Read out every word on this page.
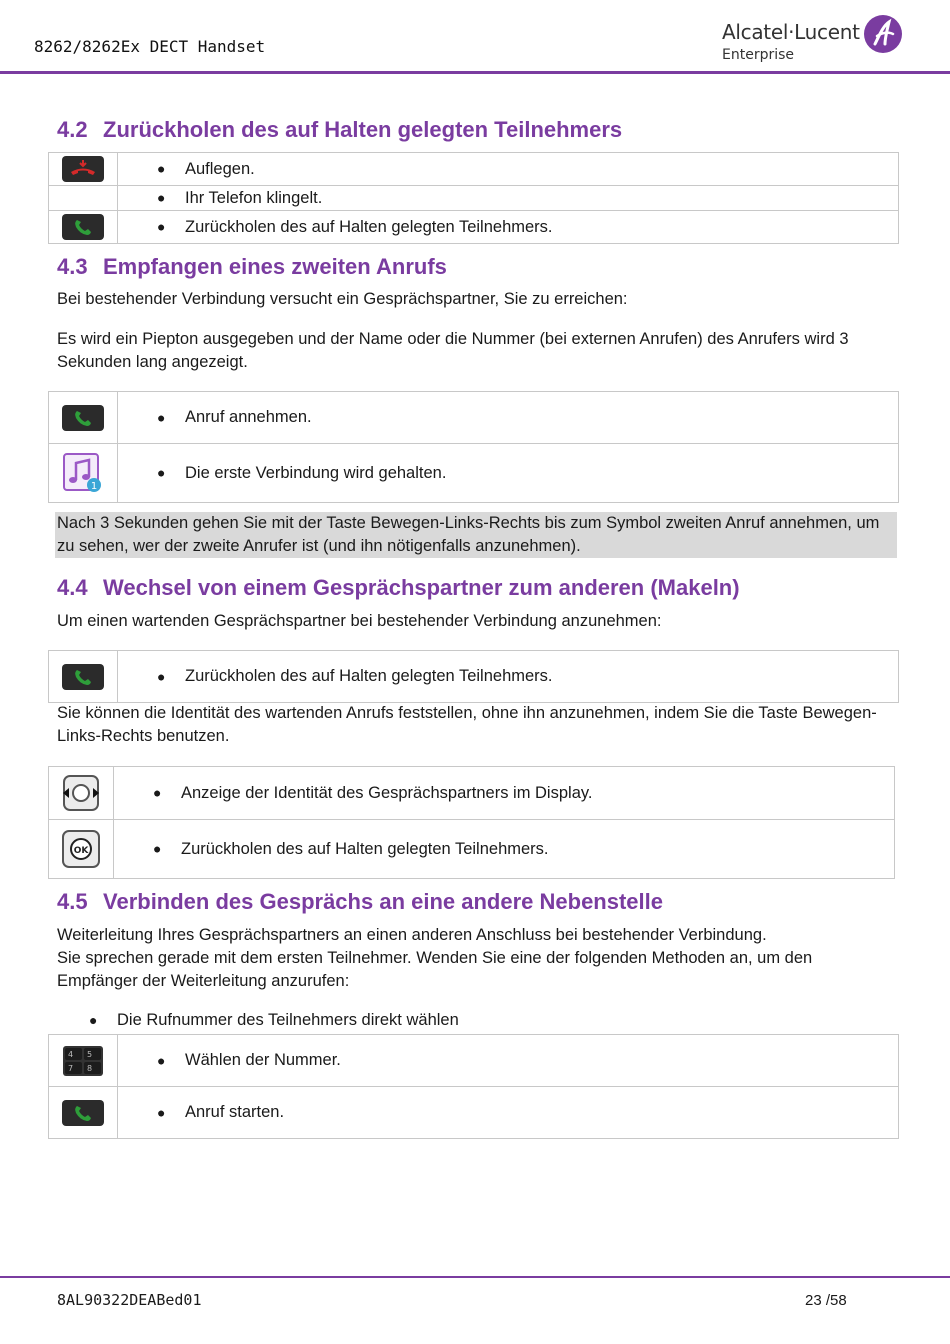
8262/8262Ex DECT Handset
Alcatel·Lucent
Enterprise
4.2 Zurückholen des auf Halten gelegten Teilnehmers

● Auflegen.

	● Ihr Telefon klingelt.

● Zurückholen des auf Halten gelegten Teilnehmers.
4.3 Empfangen eines zweiten Anrufs
Bei bestehender Verbindung versucht ein Gesprächspartner, Sie zu erreichen:
Es wird ein Piepton ausgegeben und der Name oder die Nummer (bei externen Anrufen) des Anrufers wird 3 Sekunden lang angezeigt.

● Anruf annehmen.

1	● Die erste Verbindung wird gehalten.
Nach 3 Sekunden gehen Sie mit der Taste Bewegen-Links-Rechts bis zum Symbol zweiten Anruf annehmen, um zu sehen, wer der zweite Anrufer ist (und ihn nötigenfalls anzunehmen).
4.4 Wechsel von einem Gesprächspartner zum anderen (Makeln)
Um einen wartenden Gesprächspartner bei bestehender Verbindung anzunehmen:

●	Zurückholen des auf Halten gelegten Teilnehmers.
Sie können die Identität des wartenden Anrufs feststellen, ohne ihn anzunehmen, indem Sie die Taste Bewegen-Links-Rechts benutzen.

● Anzeige der Identität des Gesprächspartners im Display.

OK	● Zurückholen des auf Halten gelegten Teilnehmers.
4.5 Verbinden des Gesprächs an eine andere Nebenstelle
Weiterleitung Ihres Gesprächspartners an einen anderen Anschluss bei bestehender Verbindung.
Sie sprechen gerade mit dem ersten Teilnehmer. Wenden Sie eine der folgenden Methoden an, um den Empfänger der Weiterleitung anzurufen:
● Die Rufnummer des Teilnehmers direkt wählen
4 5
7 8	● Wählen der Nummer.

● Anruf starten.
8AL90322DEABed01	23 /58
